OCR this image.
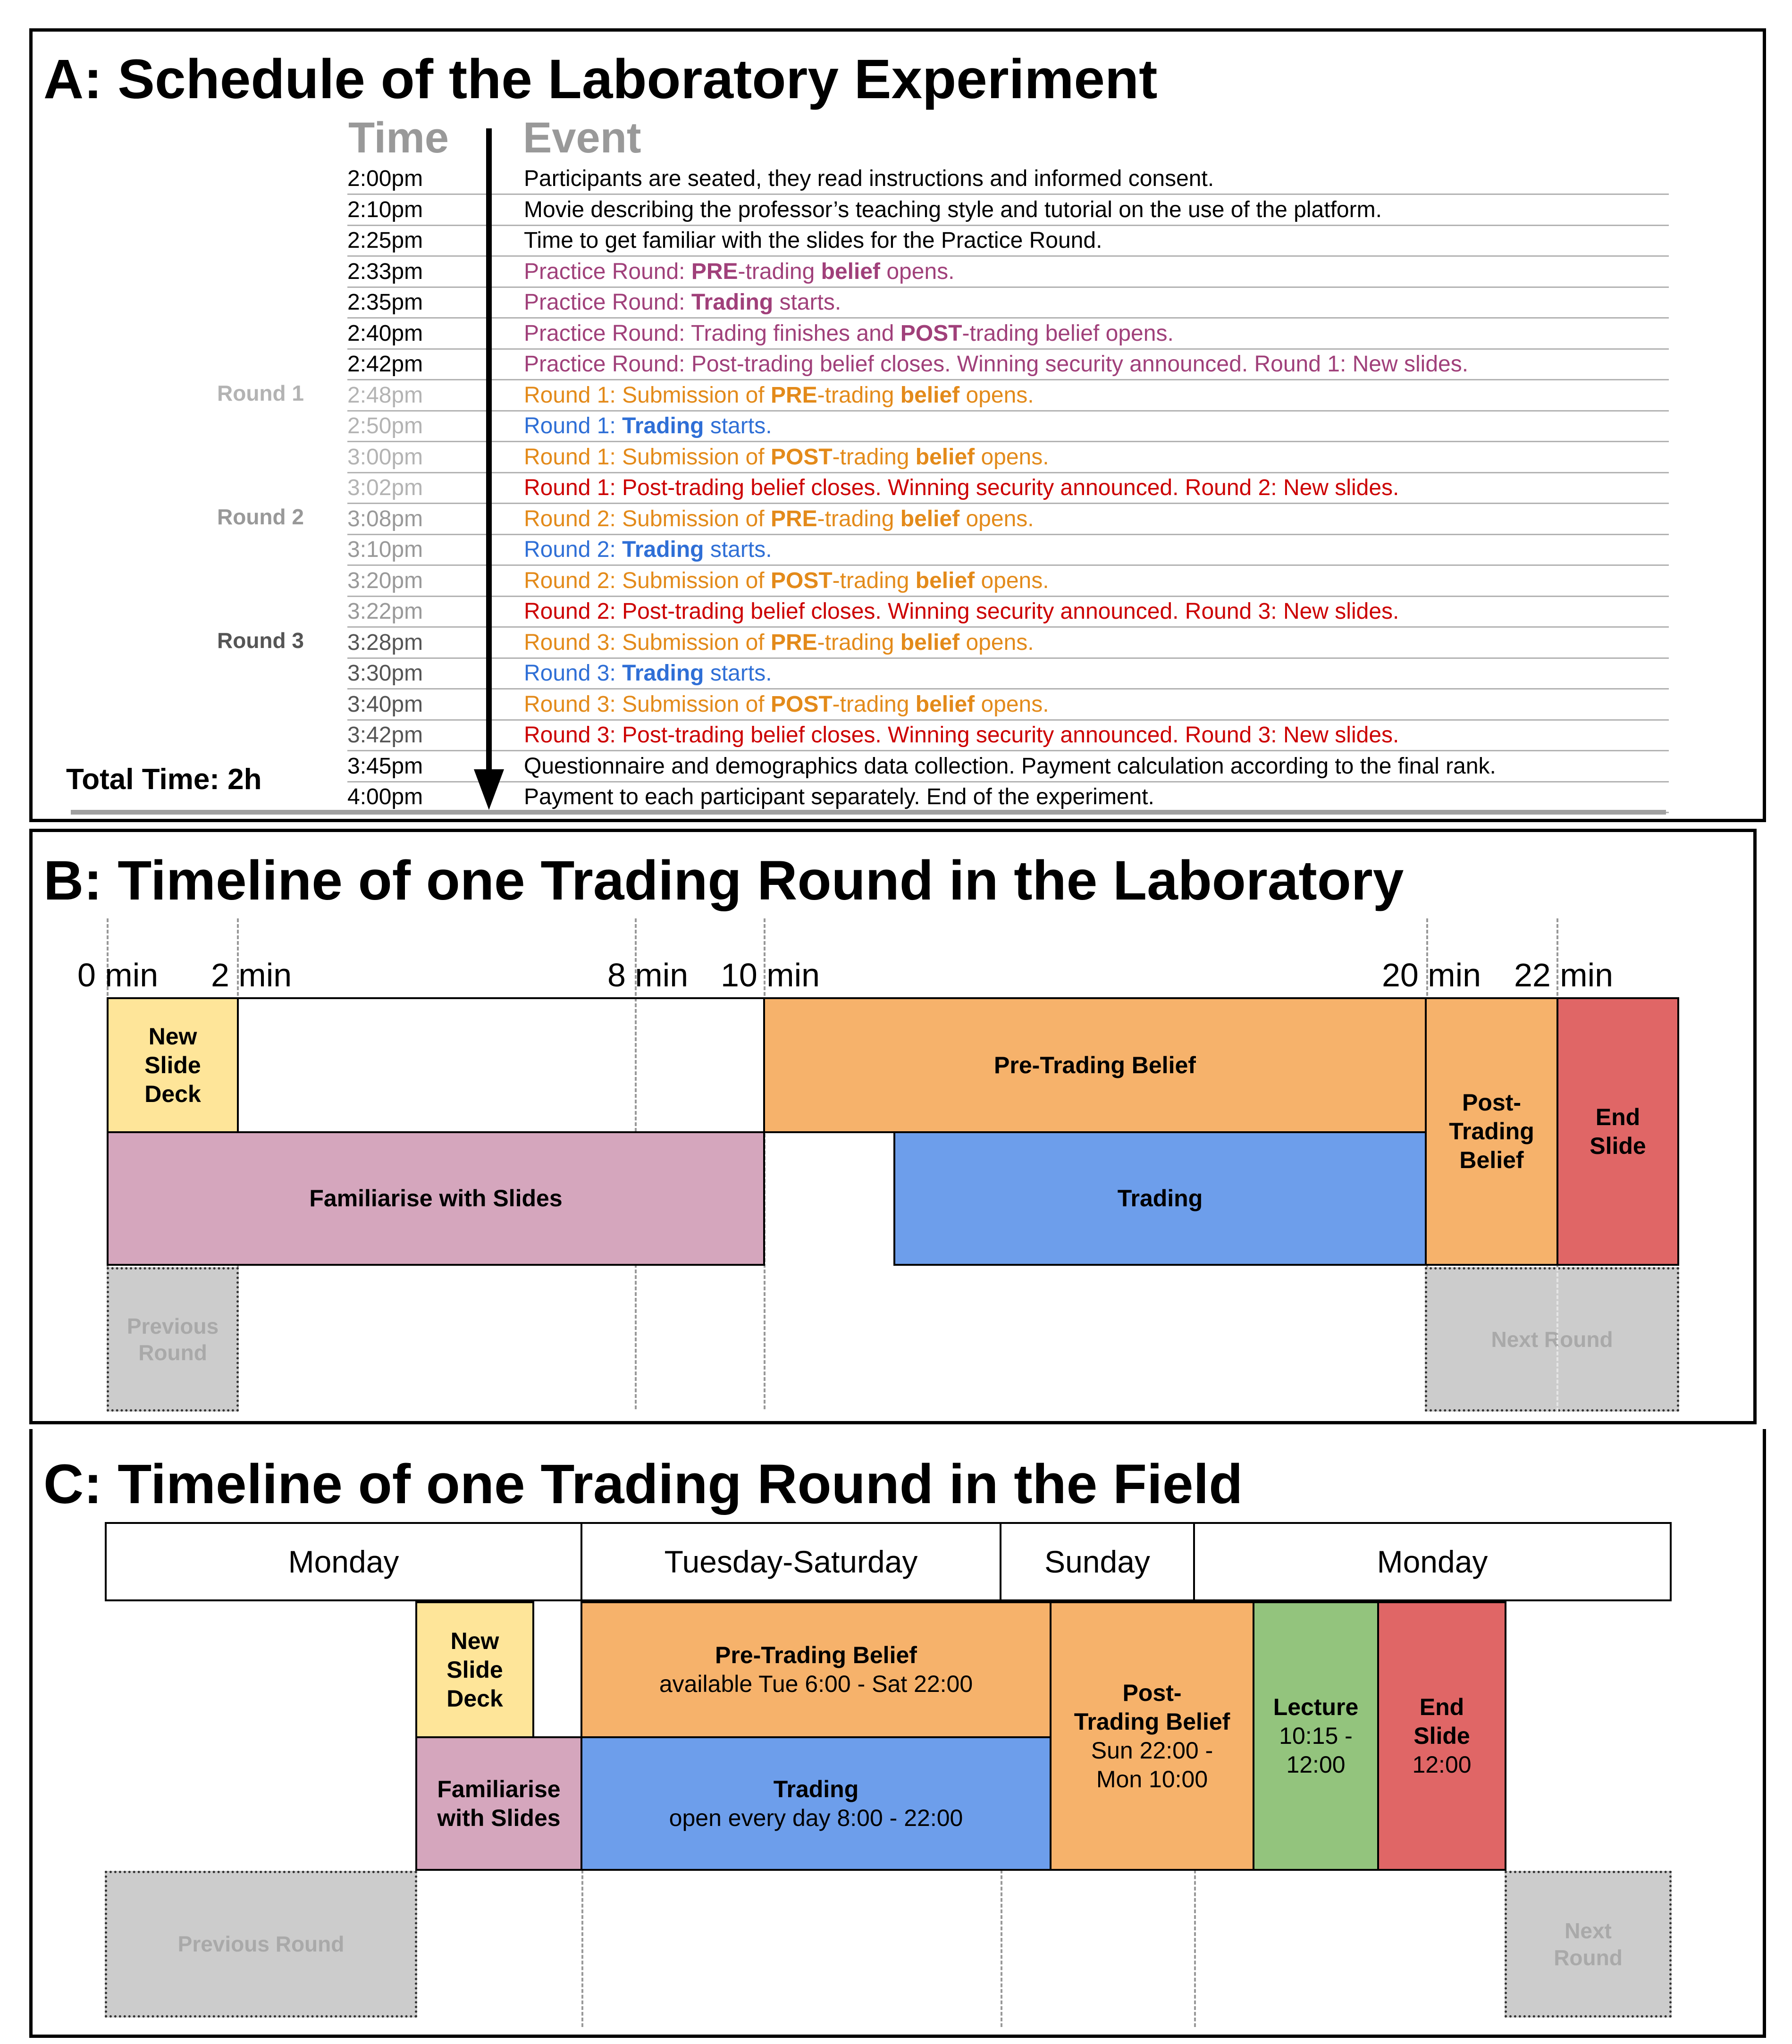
A: Schedule of the Laboratory Experiment
Time Event
2:00pm	Participants are seated, they read instructions and informed consent.
2:10pm	Movie describing the professor’s teaching style and tutorial on the use of the platform.
2:25pm	Time to get familiar with the slides for the Practice Round.
2:33pm	Practice Round: PRE-trading belief opens.
2:35pm	Practice Round: Trading starts.
2:40pm	Practice Round: Trading finishes and POST-trading belief opens.
2:42pm	Practice Round: Post-trading belief closes. Winning security announced. Round 1: New slides.
2:48pm	Round 1: Submission of PRE-trading belief opens.
2:50pm	Round 1: Trading starts.
3:00pm	Round 1: Submission of POST-trading belief opens.
3:02pm	Round 1: Post-trading belief closes. Winning security announced. Round 2: New slides.
3:08pm	Round 2: Submission of PRE-trading belief opens.
3:10pm	Round 2: Trading starts.
3:20pm	Round 2: Submission of POST-trading belief opens.
3:22pm	Round 2: Post-trading belief closes. Winning security announced. Round 3: New slides.
3:28pm	Round 3: Submission of PRE-trading belief opens.
3:30pm	Round 3: Trading starts.
3:40pm	Round 3: Submission of POST-trading belief opens.
3:42pm	Round 3: Post-trading belief closes. Winning security announced. Round 3: New slides.
3:45pm	Questionnaire and demographics data collection. Payment calculation according to the final rank.
4:00pm	Payment to each participant separately. End of the experiment.
Round 1
Round 2
Round 3
Total Time: 2h
B: Timeline of one Trading Round in the Laboratory
0 min 2 min	8 min 10 min	20 min 22 min
New
Slide
Deck
Pre-Trading Belief
Familiarise with Slides	Trading
Post-
Trading
Belief
End
Slide
Previous
Round
Next Round
C: Timeline of one Trading Round in the Field
Monday	Tuesday-Saturday	Sunday	Monday
New
Slide
Deck
Familiarise
with Slides
Pre-Trading Belief
available Tue 6:00 - Sat 22:00
Trading
open every day 8:00 - 22:00
Post-
Trading Belief
Sun 22:00 -
Mon 10:00
Lecture
10:15 -
12:00
End
Slide
12:00
Previous Round
Next
Round
